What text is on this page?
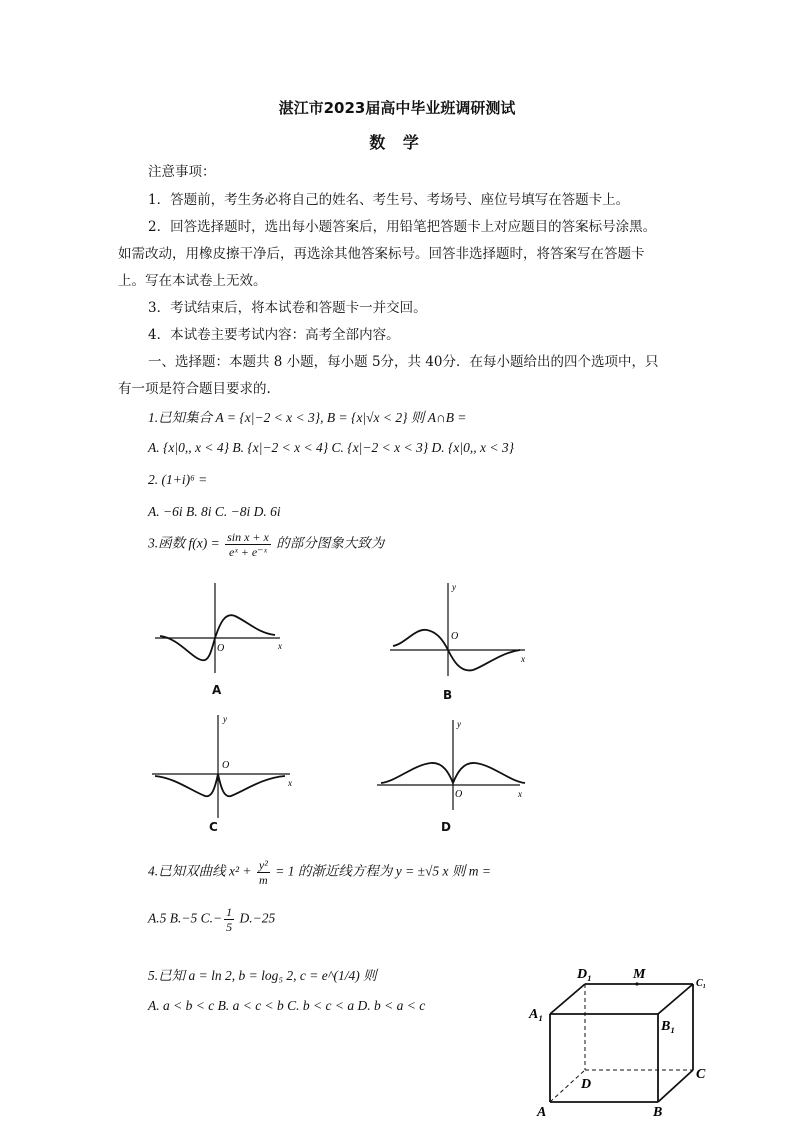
湛江市2023届高中毕业班调研测试
数 学
注意事项：
1．答题前，考生务必将自己的姓名、考生号、考场号、座位号填写在答题卡上。
2．回答选择题时，选出每小题答案后，用铅笔把答题卡上对应题目的答案标号涂黑。
如需改动，用橡皮擦干净后，再选涂其他答案标号。回答非选择题时，将答案写在答题卡
上。写在本试卷上无效。
3．考试结束后，将本试卷和答题卡一并交回。
4．本试卷主要考试内容：高考全部内容。
一、选择题：本题共 8 小题，每小题 5分，共 40分．在每小题给出的四个选项中，只
有一项是符合题目要求的.
1.已知集合 A = {x|−2 < x < 3}, B = {x|√x < 2} 则 A∩B =
A. {x|0,, x < 4} B. {x|−2 < x < 4} C. {x|−2 < x < 3} D. {x|0,, x < 3}
2. (1+i)⁶ =
A. −6i B. 8i C. −8i D. 6i
3.函数 $f(x) = \frac{\text{sin x + x}}{\text{eˣ + e⁻ˣ}}$ 的部分图象大致为
O	x
A
O
x
y
B
O
x
y
C
O	x
y
D
4.已知双曲线 $x^2 + \frac{\text{y²}}{m} = 1$ 的渐近线方程为 y = ±√5 x 则 m =
A.5 B.−5 $C.- \frac{1}{5} D.-25$
5.已知 a = ln 2, b = log₅ 2, c = e^(1/4) 则
A. a < b < c B. a < c < b C. b < c < a D. b < a < c
D₁	M
C₁
A₁
B₁
D
C
A	B
